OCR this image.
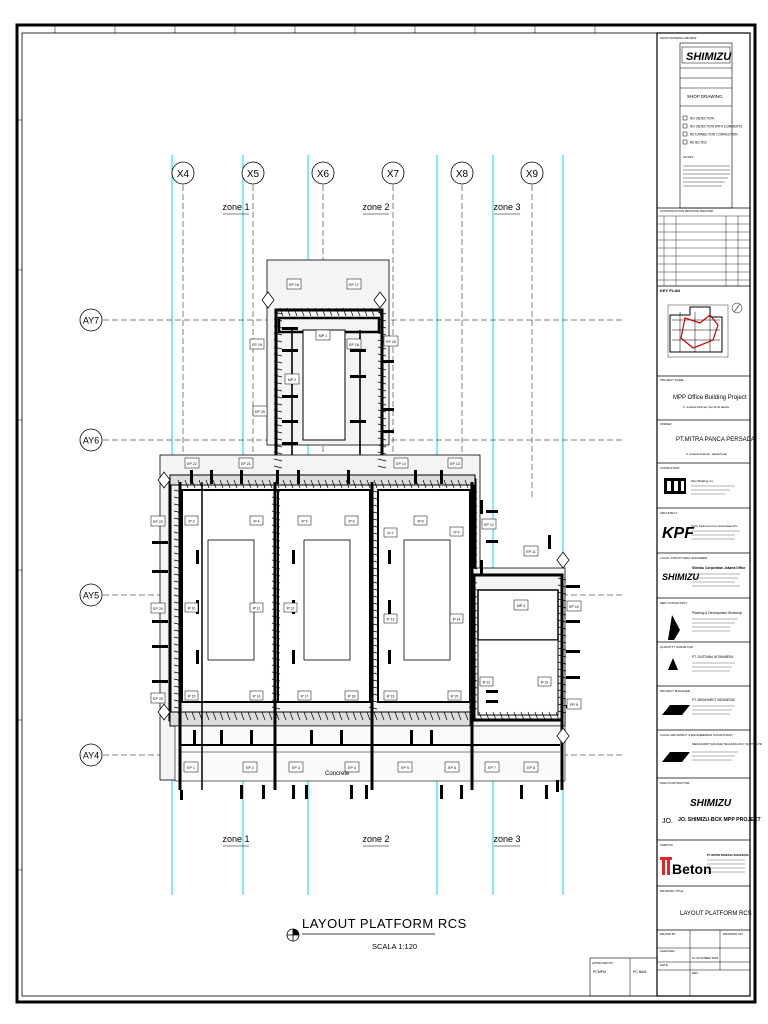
EP 18	EP 17
EP 19
EP 20
EP 16
EP 15
EP 22	EP 21	EP 14	EP 13
EP 23
EP 12
EP 11
EP 24	EP 10
EP 25
EP 9
EP 1	EP 2	EP 3	EP 4	EP 5	EP 6	EP 7	EP 8
IP 3	IP 4	IP 5	IP 6
IP 7
IP 8
IP 9
IP 10	IP 11	IP 12
IP 13	IP 14
IP 15	IP 16	IP 17	IP 18	IP 19	IP 20
IP 21	IP 22
MP 1
MP 2
MP 3
X4	X5	X6	X7	X8	X9
AY7
AY6
AY5
AY4
zone 1	zone 2	zone 3
zone 1	zone 2	zone 3
Concrete
LAYOUT PLATFORM RCS
SCALA 1:120
SHOP DRAWING REVIEW
SHIMIZU
SHOP DRAWING
NO OBJECTION
NO OBJECTION WITH COMMENTS
RETURNED FOR CORRECTION
REJECTED
NOTES
CONSTRUCTION REVISION RECORD
KEY PLAN
PROJECT NAME
MPP Office Building Project
Jl. Jenderal Sudirman, Kav 44-46 Jakarta
OWNER
PT.MITRA PANCA PERSADA
Jl. Jenderal Sudirman, Jakarta Pusat
CONSULTANT
Mori Building Co.
ARCHITECT
KPF
Kohn Pedersen Fox Associates PC
LOCAL STRUCTURAL ENGINEER
SHIMIZU
Shimizu Corporation Jakarta Office
MEP CONSULTANT
Planning & Development Workshop
QUANTITY SURVEYOR
PT. SUSTAINA INTIMABERA
PROJECT MANAGER
PT. MEINHARDT INDONESIA
LOCAL ARCHITECT & ENGINEERING CONSULTANT
MEINHARDT FACADE TECHNOLOGY (S) PTE LTD
MAIN CONTRACTOR
SHIMIZU
JO. JO. SHIMIZU-BCK MPP PROJECT
SUBCON
Beton
PT. BETON PERKASA WIJAKSANA
DRAWING TITLE
LAYOUT PLATFORM RCS
DRAWN BY
CHECKED
DATE
10 OKTOBER 2018
DRAWING NO
REV
APPROVED BY
PCMPM	PC BAM
